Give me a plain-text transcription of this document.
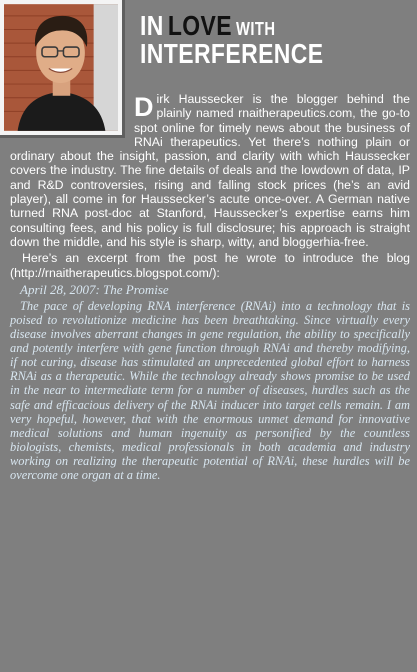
IN LOVE WITH
INTERFERENCE

Dirk Haussecker is the blogger behind the plainly named rnaitherapeutics.com, the go-to spot online for timely news about the business of RNAi therapeutics. Yet there’s nothing plain or ordinary about the insight, passion, and clarity with which Haussecker covers the industry. The fine details of deals and the lowdown of data, IP and R&D controversies, rising and falling stock prices (he’s an avid player), all come in for Haussecker’s acute once-over. A German native turned RNA post-doc at Stanford, Haussecker’s expertise earns him consulting fees, and his policy is full disclosure; his approach is straight down the middle, and his style is sharp, witty, and bloggerhia-free.

Here’s an excerpt from the post he wrote to introduce the blog (http://rnaitherapeutics.blogspot.com/):

April 28, 2007: The Promise

The pace of developing RNA interference (RNAi) into a technology that is poised to revolutionize medicine has been breathtaking. Since virtually every disease involves aberrant changes in gene regulation, the ability to specifically and potently interfere with gene function through RNAi and thereby modifying, if not curing, disease has stimulated an unprecedented global effort to harness RNAi as a therapeutic. While the technology already shows promise to be used in the near to intermediate term for a number of diseases, hurdles such as the safe and efficacious delivery of the RNAi inducer into target cells remain. I am very hopeful, however, that with the enormous unmet demand for innovative medical solutions and human ingenuity as personified by the countless biologists, chemists, medical professionals in both academia and industry working on realizing the therapeutic potential of RNAi, these hurdles will be overcome one organ at a time.
